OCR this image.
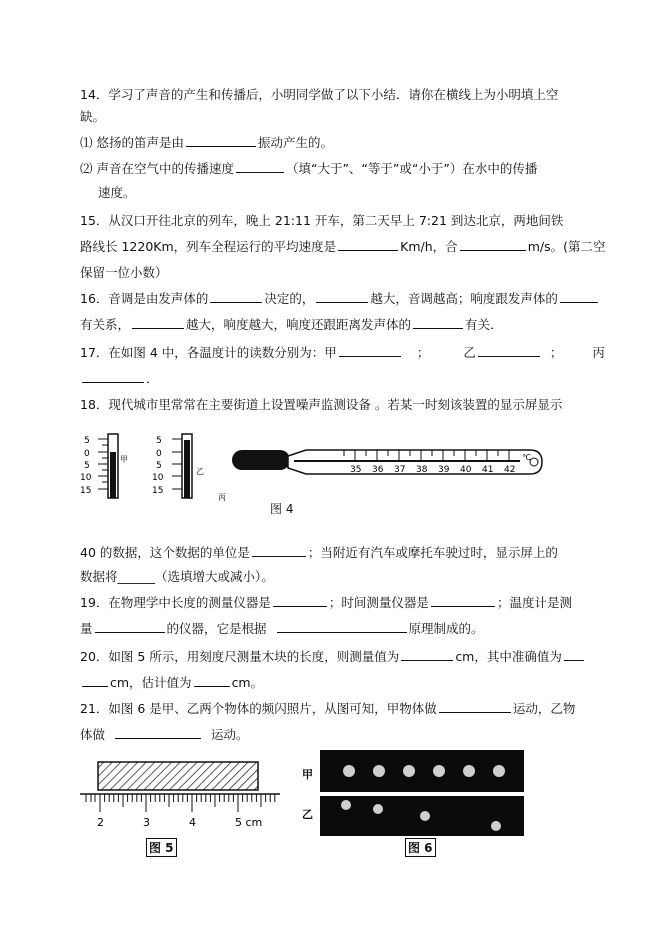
14．学习了声音的产生和传播后，小明同学做了以下小结．请你在横线上为小明填上空
缺。
⑴ 悠扬的笛声是由	振动产生的。
⑵ 声音在空气中的传播速度	（填“大于”、“等于”或“小于”）在水中的传播
速度。
15．从汉口开往北京的列车，晚上 21:11 开车，第二天早上 7:21 到达北京，两地间铁
路线长 1220Km，列车全程运行的平均速度是	Km/h，合	m/s。(第二空
保留一位小数）
16．音调是由发声体的	决定的，	越大，音调越高；响度跟发声体的
有关系，	越大，响度越大，响度还跟距离发声体的	有关．
17．在如图 4 中，各温度计的读数分别为：甲	；	乙	； 丙
．
18．现代城市里常常在主要街道上设置噪声监测设备 。若某一时刻该装置的显示屏显示
5
0
5
10
15
甲
5
0
5
10
15
乙
丙
35 36 37 38 39 40 41 42
℃
图 4
40 的数据，这个数据的单位是	；当附近有汽车或摩托车驶过时，显示屏上的
数据将______（选填增大或减小）。
19．在物理学中长度的测量仪器是	；时间测量仪器是	；温度计是测
量	的仪器，它是根据	原理制成的。
20．如图 5 所示，用刻度尺测量木块的长度，则测量值为	cm，其中准确值为
cm，估计值为	cm。
21．如图 6 是甲、乙两个物体的频闪照片，从图可知，甲物体做	运动，乙物
体做	运动。
2	3	4	5 cm
图 5
甲
乙
图 6
